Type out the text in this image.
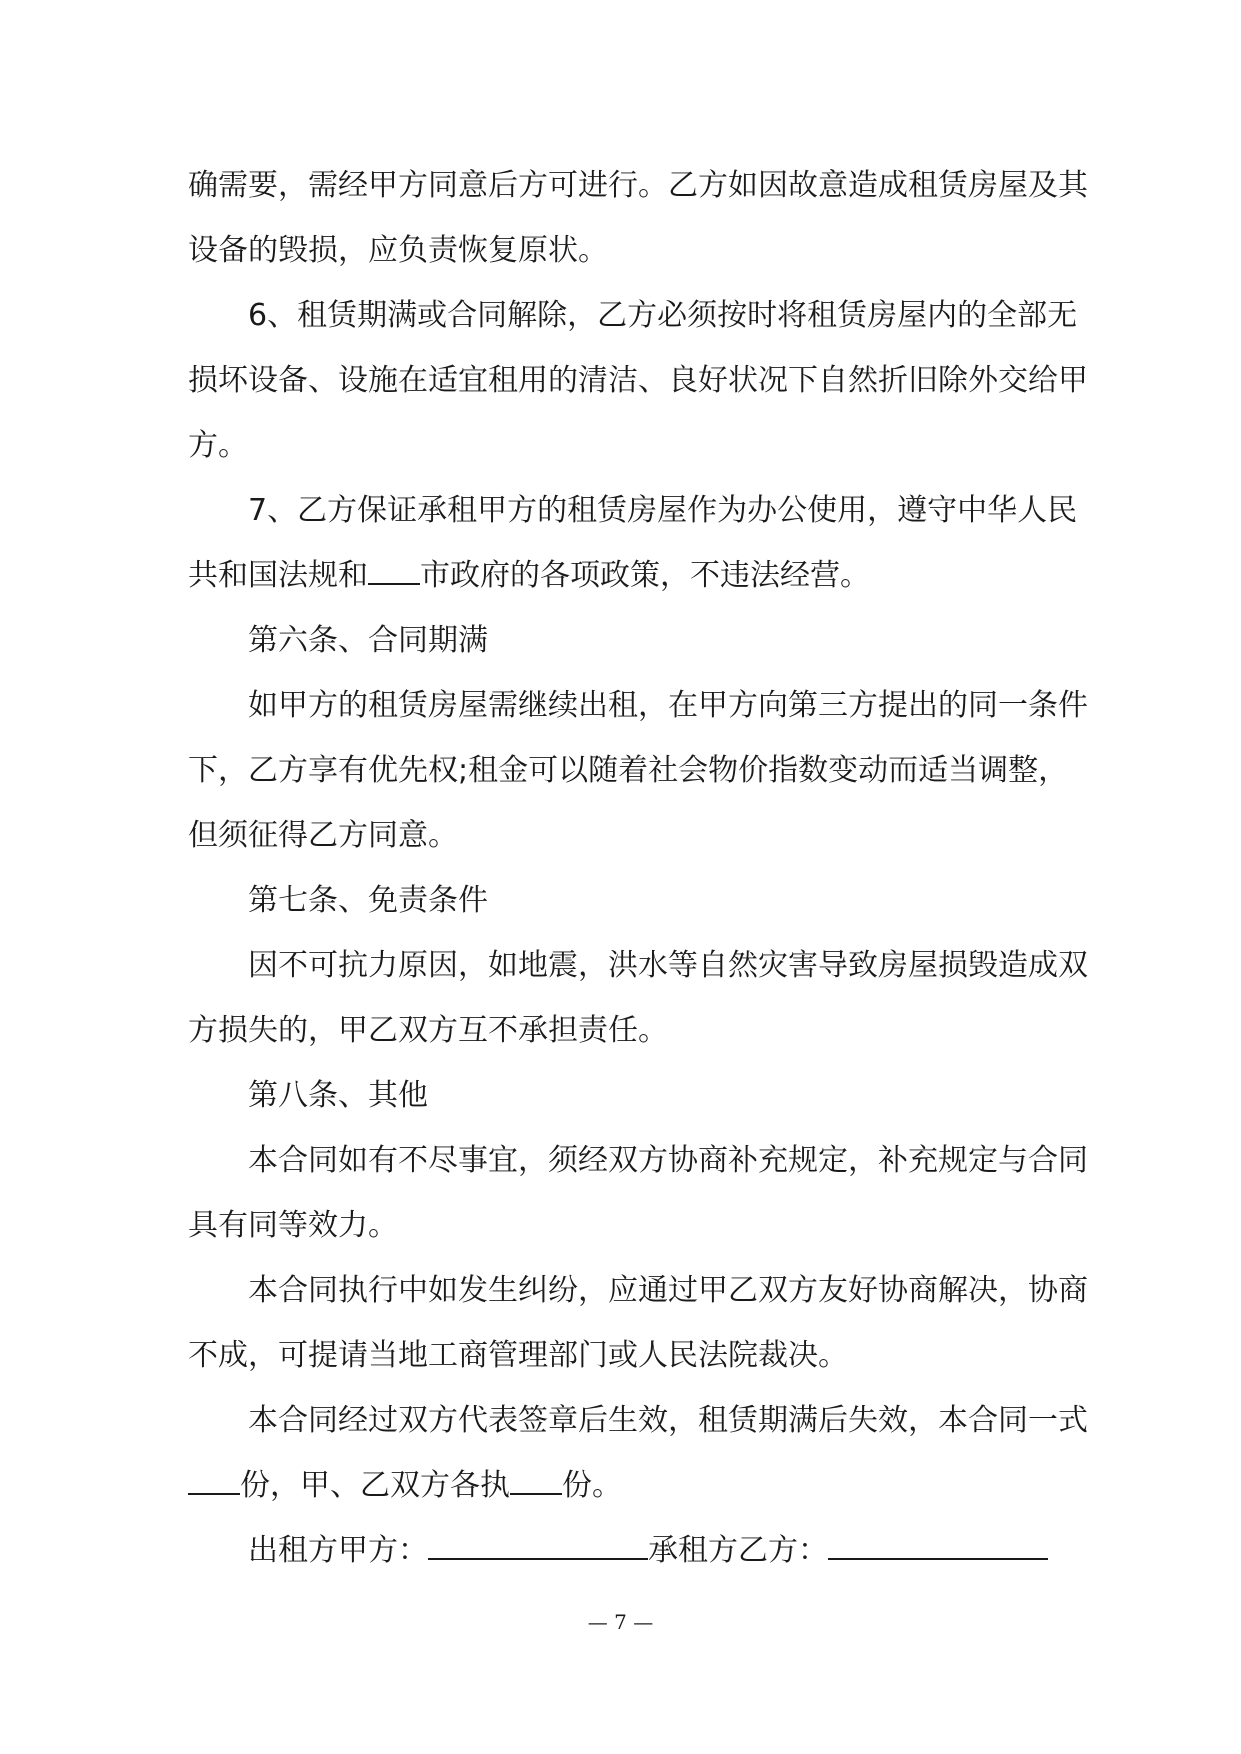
确需要，需经甲方同意后方可进行。乙方如因故意造成租赁房屋及其
设备的毁损，应负责恢复原状。

6、租赁期满或合同解除，乙方必须按时将租赁房屋内的全部无
损坏设备、设施在适宜租用的清洁、良好状况下自然折旧除外交给甲
方。

7、乙方保证承租甲方的租赁房屋作为办公使用，遵守中华人民
共和国法规和 市政府的各项政策，不违法经营。

第六条、合同期满

如甲方的租赁房屋需继续出租，在甲方向第三方提出的同一条件
下，乙方享有优先权;租金可以随着社会物价指数变动而适当调整，
但须征得乙方同意。

第七条、免责条件

因不可抗力原因，如地震，洪水等自然灾害导致房屋损毁造成双
方损失的，甲乙双方互不承担责任。

第八条、其他

本合同如有不尽事宜，须经双方协商补充规定，补充规定与合同
具有同等效力。

本合同执行中如发生纠纷，应通过甲乙双方友好协商解决，协商
不成，可提请当地工商管理部门或人民法院裁决。

本合同经过双方代表签章后生效，租赁期满后失效，本合同一式
份，甲、乙双方各执 份。

出租方甲方：	承租方乙方：

— 7 —
